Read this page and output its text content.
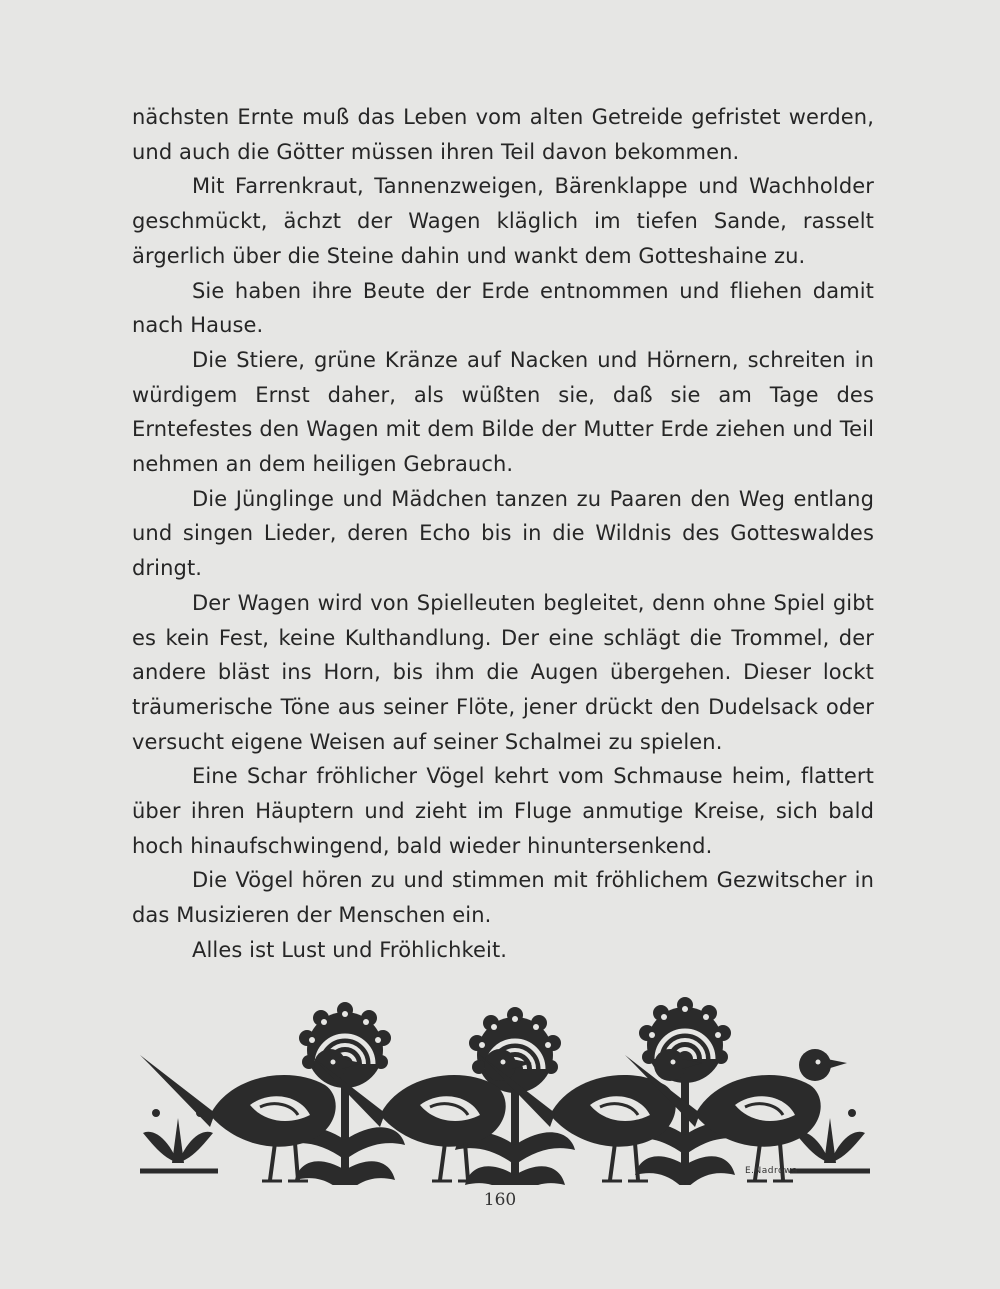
nächsten Ernte muß das Leben vom alten Getreide gefristet werden, und auch die Götter müssen ihren Teil davon bekommen.

Mit Farrenkraut, Tannenzweigen, Bärenklappe und Wachholder geschmückt, ächzt der Wagen kläglich im tiefen Sande, rasselt ärgerlich über die Steine dahin und wankt dem Gotteshaine zu.

Sie haben ihre Beute der Erde entnommen und fliehen damit nach Hause.

Die Stiere, grüne Kränze auf Nacken und Hörnern, schreiten in würdigem Ernst daher, als wüßten sie, daß sie am Tage des Erntefestes den Wagen mit dem Bilde der Mutter Erde ziehen und Teil nehmen an dem heiligen Gebrauch.

Die Jünglinge und Mädchen tanzen zu Paaren den Weg entlang und singen Lieder, deren Echo bis in die Wildnis des Gotteswaldes dringt.

Der Wagen wird von Spielleuten begleitet, denn ohne Spiel gibt es kein Fest, keine Kulthandlung. Der eine schlägt die Trommel, der andere bläst ins Horn, bis ihm die Augen übergehen. Dieser lockt träumerische Töne aus seiner Flöte, jener drückt den Dudelsack oder versucht eigene Weisen auf seiner Schalmei zu spielen.

Eine Schar fröhlicher Vögel kehrt vom Schmause heim, flattert über ihren Häuptern und zieht im Fluge anmutige Kreise, sich bald hoch hinaufschwingend, bald wieder hinuntersenkend.

Die Vögel hören zu und stimmen mit fröhlichem Gezwitscher in das Musizieren der Menschen ein.

Alles ist Lust und Fröhlichkeit.

E.Nadrowa
160
